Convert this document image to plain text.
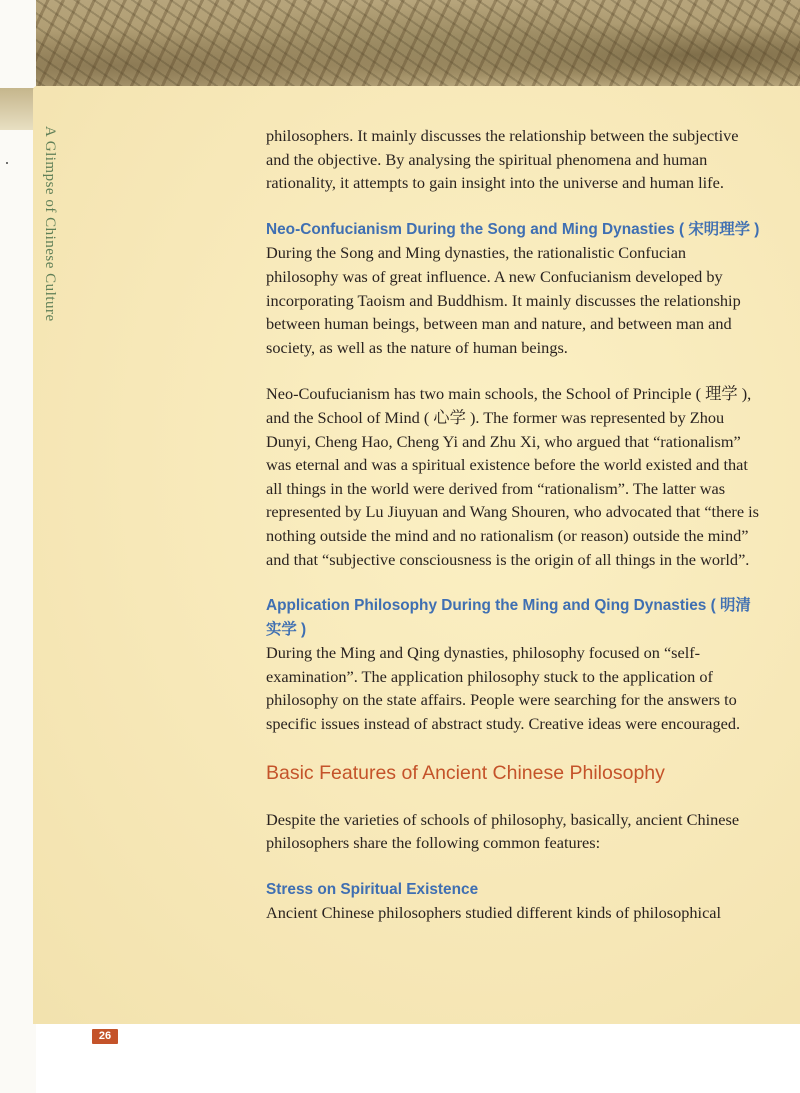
A Glimpse of Chinese Culture	philosophers. It mainly discusses the relationship between the subjective and the objective. By analysing the spiritual phenomena and human rationality, it attempts to gain insight into the universe and human life.

Neo-Confucianism During the Song and Ming Dynasties ( 宋明理学 )

During the Song and Ming dynasties, the rationalistic Confucian philosophy was of great influence. A new Confucianism developed by incorporating Taoism and Buddhism. It mainly discusses the relationship between human beings, between man and nature, and between man and society, as well as the nature of human beings.

Neo-Coufucianism has two main schools, the School of Principle ( 理学 ), and the School of Mind ( 心学 ). The former was represented by Zhou Dunyi, Cheng Hao, Cheng Yi and Zhu Xi, who argued that “rationalism” was eternal and was a spiritual existence before the world existed and that all things in the world were derived from “rationalism”. The latter was represented by Lu Jiuyuan and Wang Shouren, who advocated that “there is nothing outside the mind and no rationalism (or reason) outside the mind” and that “subjective consciousness is the origin of all things in the world”.

Application Philosophy During the Ming and Qing Dynasties ( 明清实学 )

During the Ming and Qing dynasties, philosophy focused on “self-examination”. The application philosophy stuck to the application of philosophy on the state affairs. People were searching for the answers to specific issues instead of abstract study. Creative ideas were encouraged.

Basic Features of Ancient Chinese Philosophy

Despite the varieties of schools of philosophy, basically, ancient Chinese philosophers share the following common features:

Stress on Spiritual Existence

Ancient Chinese philosophers studied different kinds of philosophical

26
